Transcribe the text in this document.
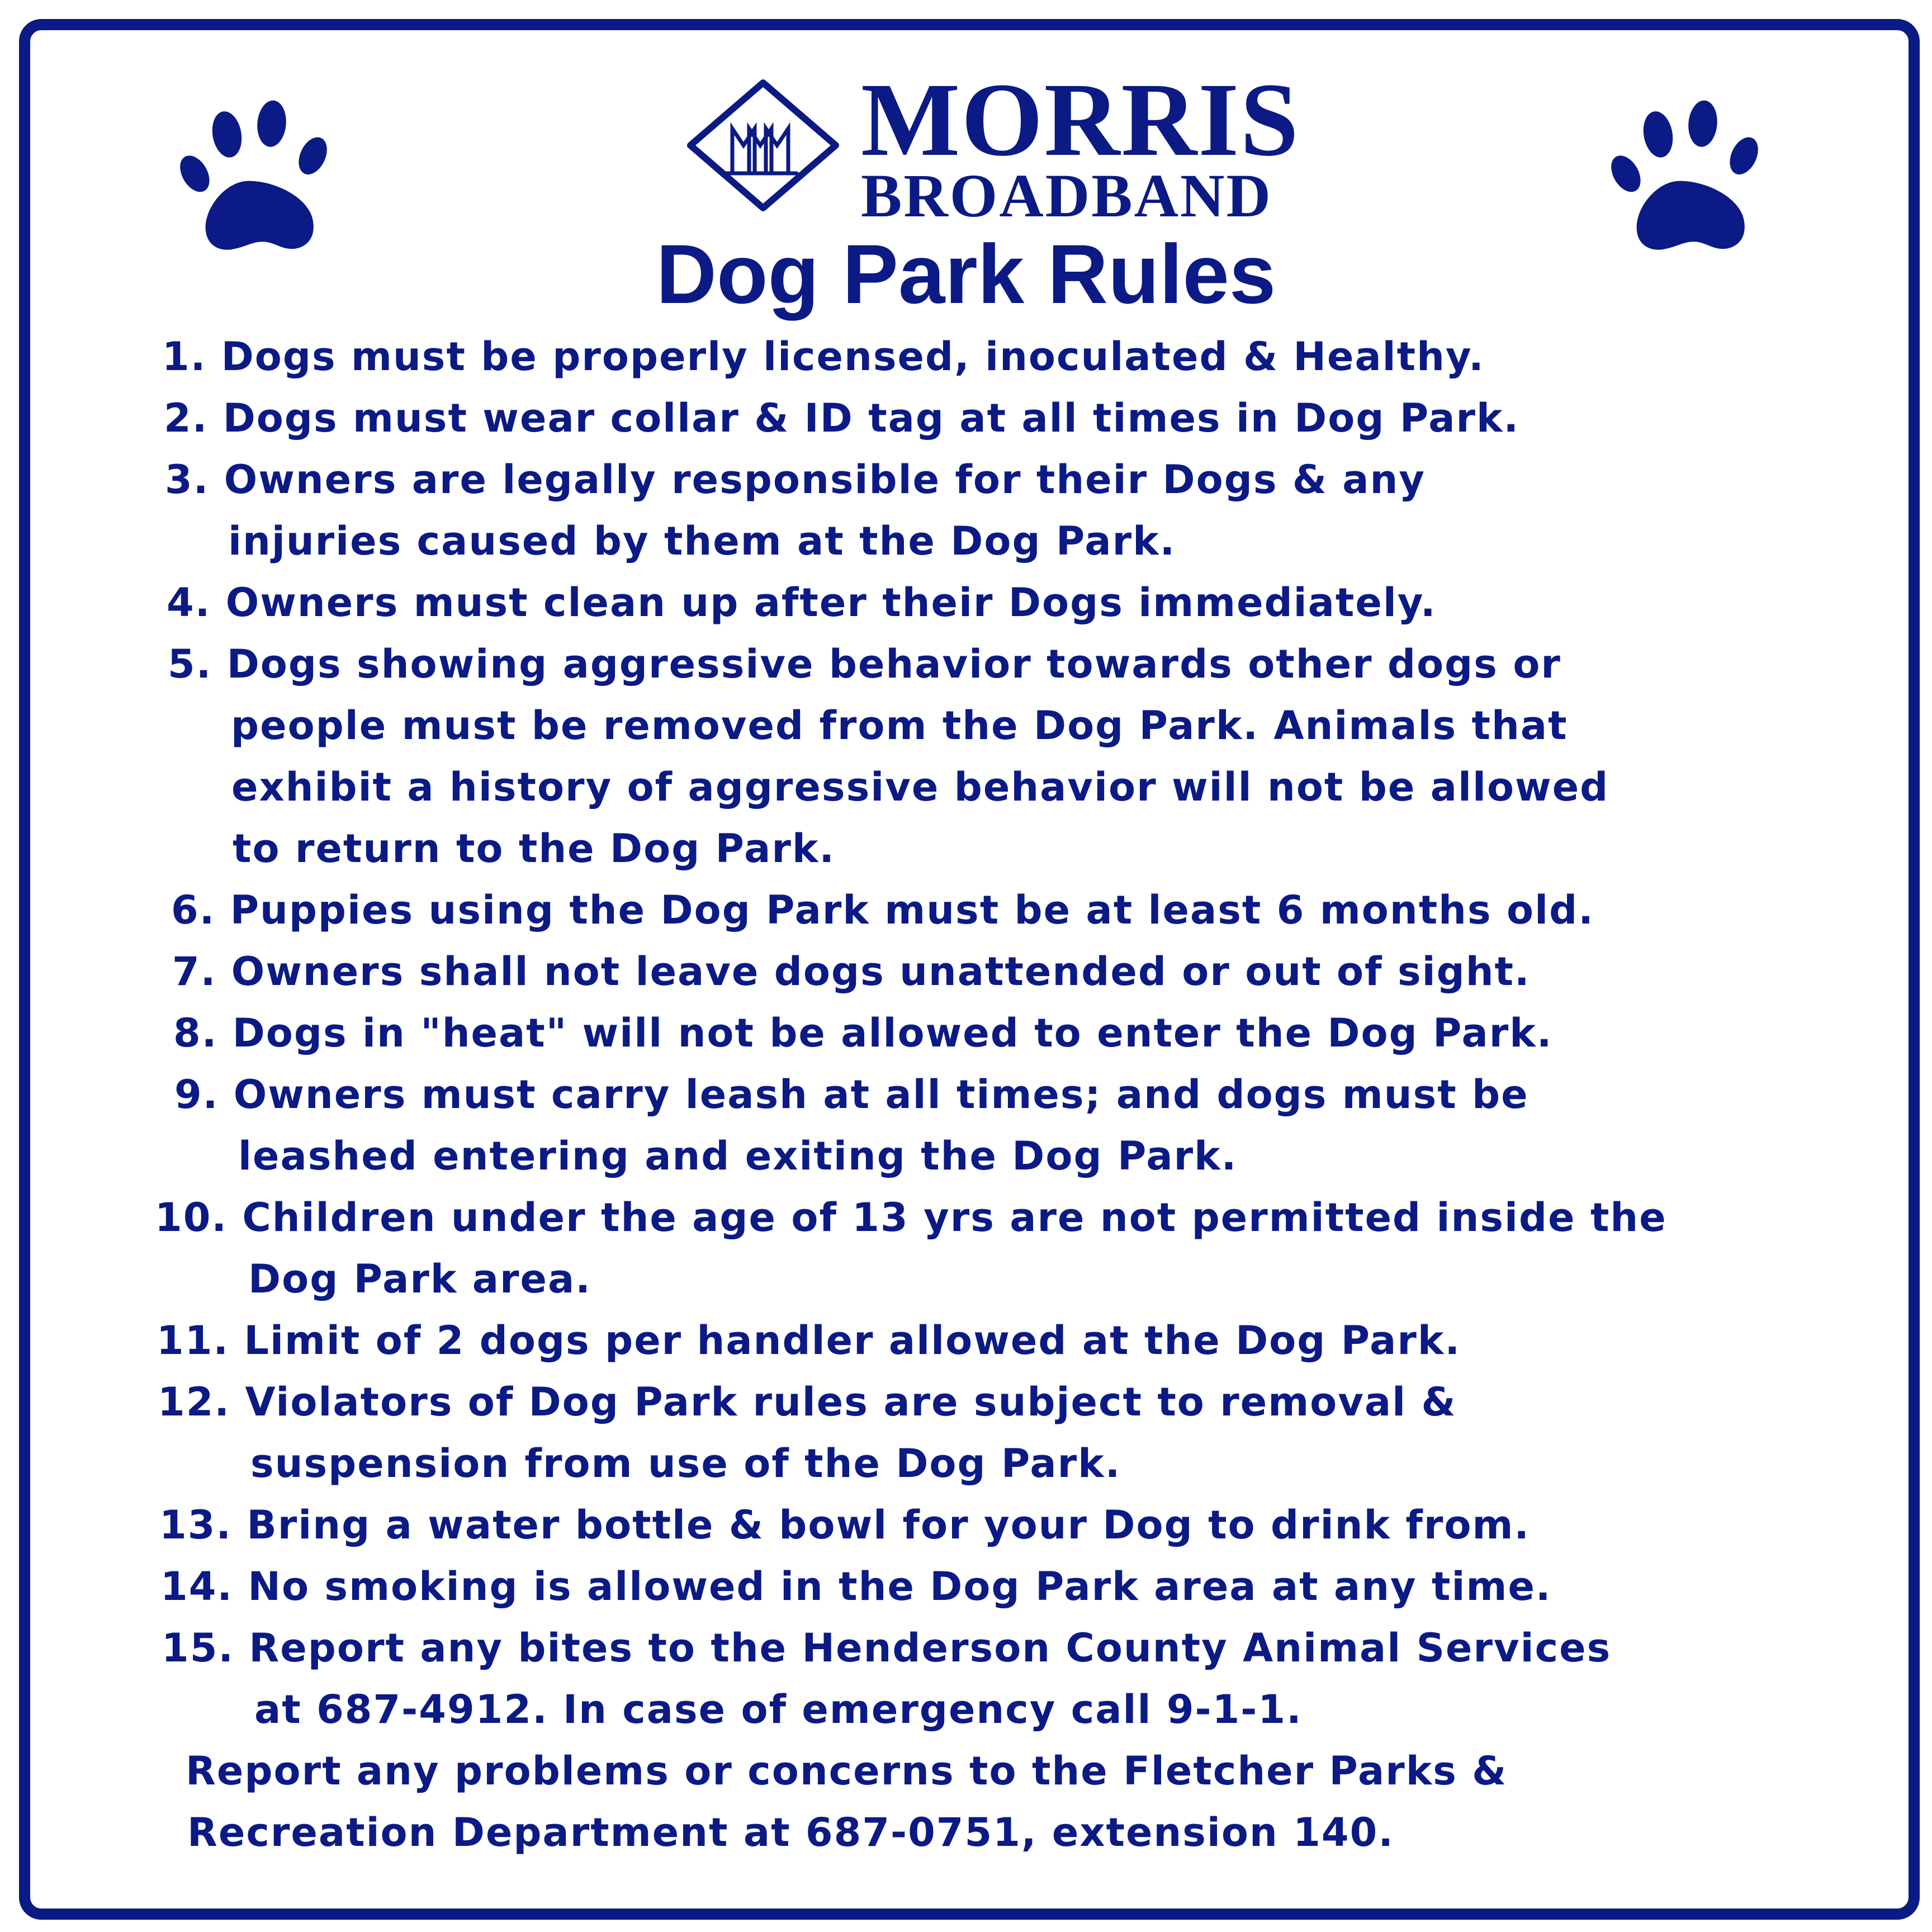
MORRIS
BROADBAND
Dog Park Rules
1. Dogs must be properly licensed, inoculated & Healthy.
2. Dogs must wear collar & ID tag at all times in Dog Park.
3. Owners are legally responsible for their Dogs & any
injuries caused by them at the Dog Park.
4. Owners must clean up after their Dogs immediately.
5. Dogs showing aggressive behavior towards other dogs or
people must be removed from the Dog Park. Animals that
exhibit a history of aggressive behavior will not be allowed
to return to the Dog Park.
6. Puppies using the Dog Park must be at least 6 months old.
7. Owners shall not leave dogs unattended or out of sight.
8. Dogs in "heat" will not be allowed to enter the Dog Park.
9. Owners must carry leash at all times; and dogs must be
leashed entering and exiting the Dog Park.
10. Children under the age of 13 yrs are not permitted inside the
Dog Park area.
11. Limit of 2 dogs per handler allowed at the Dog Park.
12. Violators of Dog Park rules are subject to removal &
suspension from use of the Dog Park.
13. Bring a water bottle & bowl for your Dog to drink from.
14. No smoking is allowed in the Dog Park area at any time.
15. Report any bites to the Henderson County Animal Services
at 687-4912. In case of emergency call 9-1-1.
Report any problems or concerns to the Fletcher Parks &
Recreation Department at 687-0751, extension 140.
